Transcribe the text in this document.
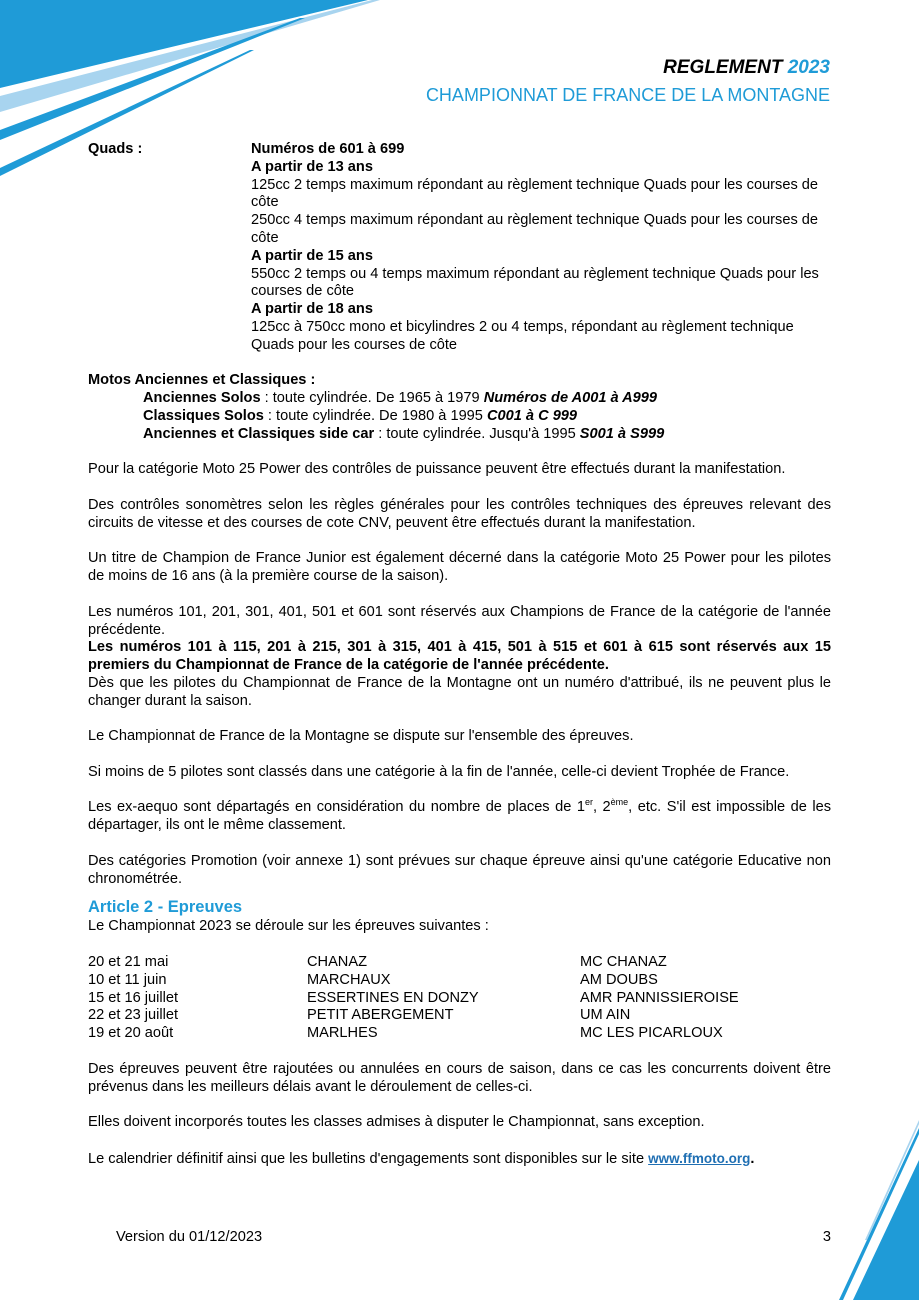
REGLEMENT 2023
CHAMPIONNAT DE FRANCE DE LA MONTAGNE
Quads :	Numéros de 601 à 699
A partir de 13 ans
125cc 2 temps maximum répondant au règlement technique Quads pour les courses de côte
250cc 4 temps maximum répondant au règlement technique Quads pour les courses de côte
A partir de 15 ans
550cc 2 temps ou 4 temps maximum répondant au règlement technique Quads pour les courses de côte
A partir de 18 ans
125cc à 750cc mono et bicylindres 2 ou 4 temps, répondant au règlement technique Quads pour les courses de côte
Motos Anciennes et Classiques :
Anciennes Solos : toute cylindrée. De 1965 à 1979 Numéros de A001 à A999
Classiques Solos : toute cylindrée. De 1980 à 1995 C001 à C 999
Anciennes et Classiques side car : toute cylindrée. Jusqu'à 1995 S001 à S999
Pour la catégorie Moto 25 Power des contrôles de puissance peuvent être effectués durant la manifestation.
Des contrôles sonomètres selon les règles générales pour les contrôles techniques des épreuves relevant des circuits de vitesse et des courses de cote CNV, peuvent être effectués durant la manifestation.
Un titre de Champion de France Junior est également décerné dans la catégorie Moto 25 Power pour les pilotes de moins de 16 ans (à la première course de la saison).
Les numéros 101, 201, 301, 401, 501 et 601 sont réservés aux Champions de France de la catégorie de l'année précédente.
Les numéros 101 à 115, 201 à 215, 301 à 315, 401 à 415, 501 à 515 et 601 à 615 sont réservés aux 15 premiers du Championnat de France de la catégorie de l'année précédente.
Dès que les pilotes du Championnat de France de la Montagne ont un numéro d'attribué, ils ne peuvent plus le changer durant la saison.
Le Championnat de France de la Montagne se dispute sur l'ensemble des épreuves.
Si moins de 5 pilotes sont classés dans une catégorie à la fin de l'année, celle-ci devient Trophée de France.
Les ex-aequo sont départagés en considération du nombre de places de 1er, 2ème, etc. S'il est impossible de les départager, ils ont le même classement.
Des catégories Promotion (voir annexe 1) sont prévues sur chaque épreuve ainsi qu'une catégorie Educative non chronométrée.
Article 2 - Epreuves
Le Championnat 2023 se déroule sur les épreuves suivantes :
20 et 21 mai	CHANAZ	MC CHANAZ
10 et 11 juin	MARCHAUX	AM DOUBS
15 et 16 juillet	ESSERTINES EN DONZY	AMR PANNISSIEROISE
22 et 23 juillet	PETIT ABERGEMENT	UM AIN
19 et 20 août	MARLHES	MC LES PICARLOUX
Des épreuves peuvent être rajoutées ou annulées en cours de saison, dans ce cas les concurrents doivent être prévenus dans les meilleurs délais avant le déroulement de celles-ci.
Elles doivent incorporés toutes les classes admises à disputer le Championnat, sans exception.
Le calendrier définitif ainsi que les bulletins d'engagements sont disponibles sur le site www.ffmoto.org.
Version du 01/12/2023	3
